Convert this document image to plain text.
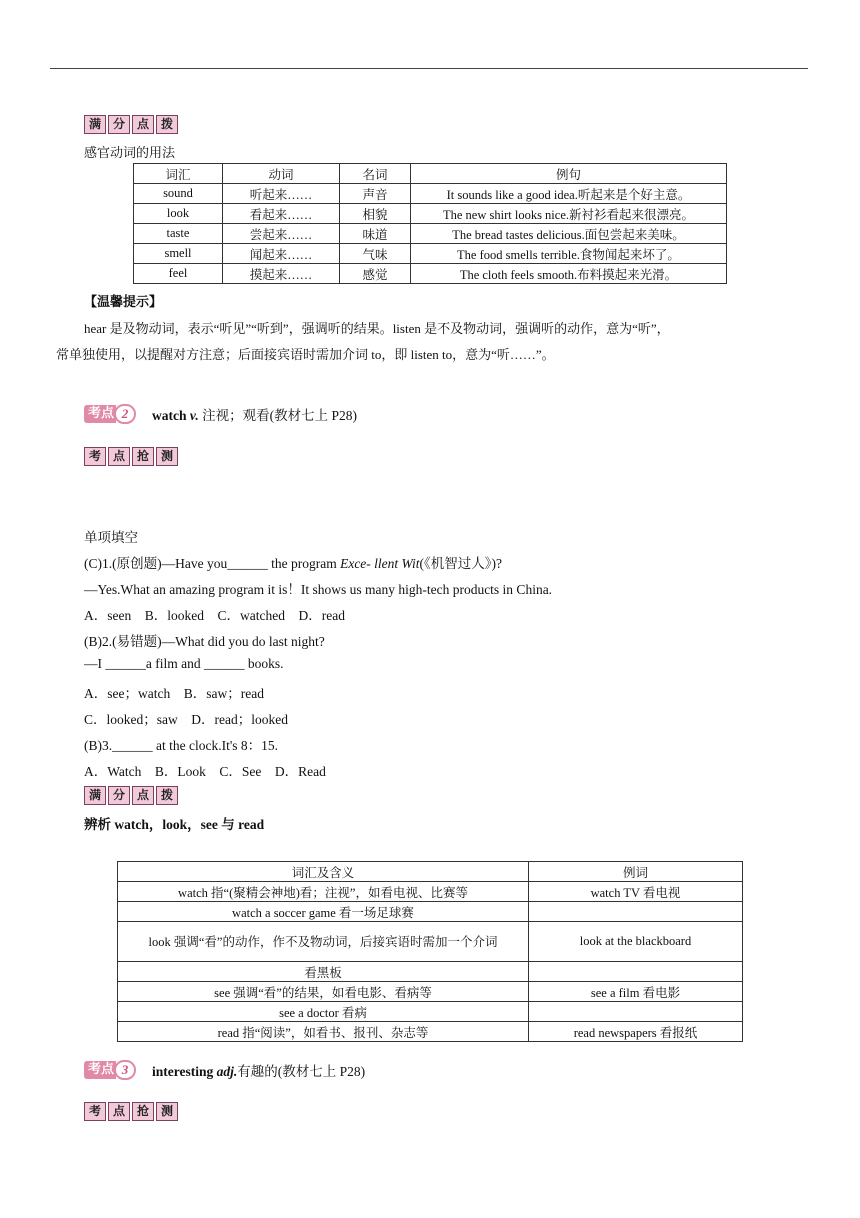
满 分 点 拨
感官动词的用法
词汇	动词	名词	例句
sound	听起来……	声音	It sounds like a good idea.听起来是个好主意。
look	看起来……	相貌	The new shirt looks nice.新衬衫看起来很漂亮。
taste	尝起来……	味道	The bread tastes delicious.面包尝起来美味。
smell	闻起来……	气味	The food smells terrible.食物闻起来坏了。
feel	摸起来……	感觉	The cloth feels smooth.布料摸起来光滑。
【温馨提示】
hear 是及物动词，表示“听见”“听到”，强调听的结果。listen 是不及物动词，强调听的动作，意为“听”，
常单独使用，以提醒对方注意；后面接宾语时需加介词 to，即 listen to，意为“听……”。
考点 2	watch v. 注视；观看(教材七上 P28)
考 点 抢 测
单项填空
(C)1.(原创题)—Have you______ the program Exce- llent Wit(《机智过人》)?
—Yes.What an amazing program it is！It shows us many high-tech products in China.
A．seen　B．looked　C．watched　D．read
(B)2.(易错题)—What did you do last night?
—I ______a film and ______ books.
A．see；watch　B．saw；read
C．looked；saw　D．read；looked
(B)3.______ at the clock.It's 8：15.
A．Watch　B．Look　C．See　D．Read
满 分 点 拨
辨析 watch，look，see 与 read
词汇及含义	例词
watch 指“(聚精会神地)看；注视”，如看电视、比赛等	watch TV 看电视
watch a soccer game 看一场足球赛	
look 强调“看”的动作，作不及物动词，后接宾语时需加一个介词	look at the blackboard
看黑板	
see 强调“看”的结果，如看电影、看病等	see a film 看电影
see a doctor 看病	
read 指“阅读”，如看书、报刊、杂志等	read newspapers 看报纸
考点 3	interesting adj.有趣的(教材七上 P28)
考 点 抢 测
